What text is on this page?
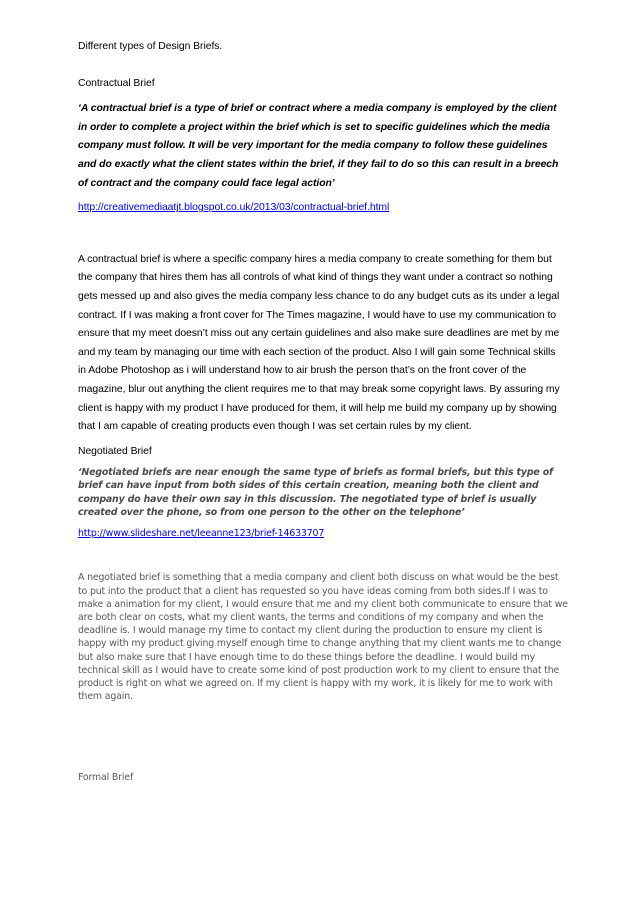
Different types of Design Briefs.

Contractual Brief

‘A contractual brief is a type of brief or contract where a media company is employed by the client in order to complete a project within the brief which is set to specific guidelines which the media company must follow. It will be very important for the media company to follow these guidelines and do exactly what the client states within the brief, if they fail to do so this can result in a breech of contract and the company could face legal action’

http://creativemediaatjt.blogspot.co.uk/2013/03/contractual-brief.html

A contractual brief is where a specific company hires a media company to create something for them but the company that hires them has all controls of what kind of things they want under a contract so nothing gets messed up and also gives the media company less chance to do any budget cuts as its under a legal contract. If I was making a front cover for The Times magazine, I would have to use my communication to ensure that my meet doesn’t miss out any certain guidelines and also make sure deadlines are met by me and my team by managing our time with each section of the product. Also I will gain some Technical skills in Adobe Photoshop as i will understand how to air brush the person that’s on the front cover of the magazine, blur out anything the client requires me to that may break some copyright laws. By assuring my client is happy with my product I have produced for them, it will help me build my company up by showing that I am capable of creating products even though I was set certain rules by my client.

Negotiated Brief

‘Negotiated briefs are near enough the same type of briefs as formal briefs, but this type of brief can have input from both sides of this certain creation, meaning both the client and company do have their own say in this discussion. The negotiated type of brief is usually created over the phone, so from one person to the other on the telephone’

http://www.slideshare.net/leeanne123/brief-14633707

A negotiated brief is something that a media company and client both discuss on what would be the best to put into the product that a client has requested so you have ideas coming from both sides.If I was to make a animation for my client, I would ensure that me and my client both communicate to ensure that we are both clear on costs, what my client wants, the terms and conditions of my company and when the deadline is. I would manage my time to contact my client during the production to ensure my client is happy with my product giving myself enough time to change anything that my client wants me to change but also make sure that I have enough time to do these things before the deadline. I would build my technical skill as I would have to create some kind of post production work to my client to ensure that the product is right on what we agreed on. If my client is happy with my work, it is likely for me to work with them again.

Formal Brief
